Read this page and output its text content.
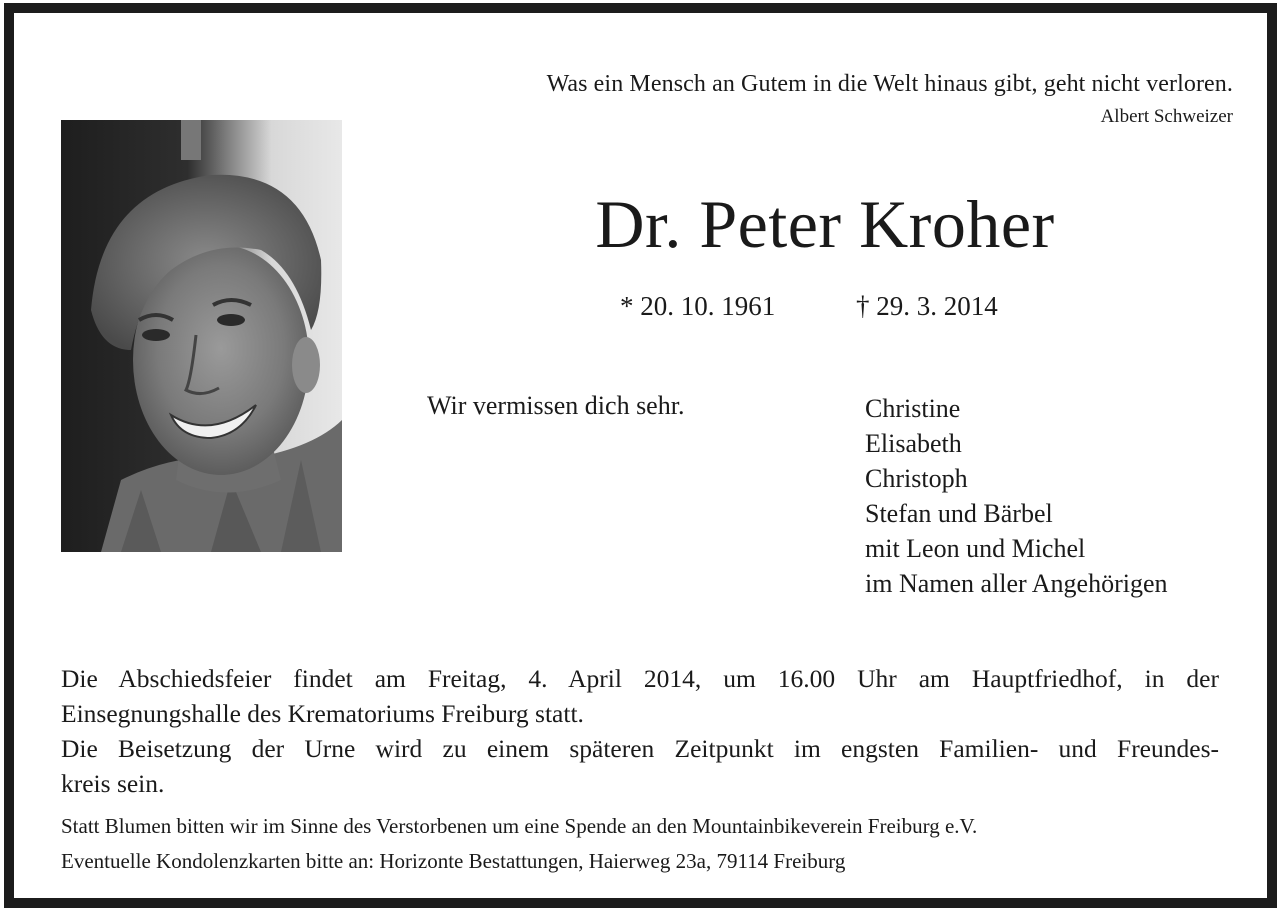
Was ein Mensch an Gutem in die Welt hinaus gibt, geht nicht verloren.
Albert Schweizer
Dr. Peter Kroher
* 20. 10. 1961	† 29. 3. 2014
Wir vermissen dich sehr.	Christine
Elisabeth
Christoph
Stefan und Bärbel
mit Leon und Michel
im Namen aller Angehörigen

Die Abschiedsfeier findet am Freitag, 4. April 2014, um 16.00 Uhr am Hauptfriedhof, in der

Einsegnungshalle des Krematoriums Freiburg statt.

Die Beisetzung der Urne wird zu einem späteren Zeitpunkt im engsten Familien- und Freundes-

kreis sein.

Statt Blumen bitten wir im Sinne des Verstorbenen um eine Spende an den Mountainbikeverein Freiburg e.V.

Eventuelle Kondolenzkarten bitte an: Horizonte Bestattungen, Haierweg 23a, 79114 Freiburg
